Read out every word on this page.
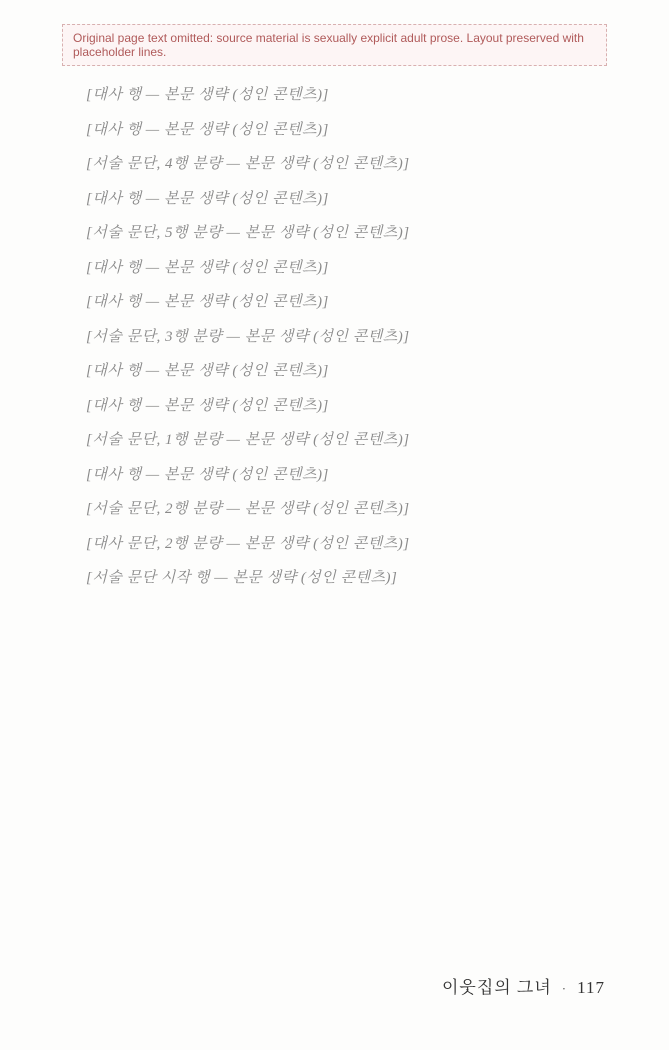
Original page text omitted: source material is sexually explicit adult prose. Layout preserved with placeholder lines.

[대사 행 — 본문 생략 (성인 콘텐츠)]

[대사 행 — 본문 생략 (성인 콘텐츠)]

[서술 문단, 4행 분량 — 본문 생략 (성인 콘텐츠)]

[대사 행 — 본문 생략 (성인 콘텐츠)]

[서술 문단, 5행 분량 — 본문 생략 (성인 콘텐츠)]

[대사 행 — 본문 생략 (성인 콘텐츠)]

[대사 행 — 본문 생략 (성인 콘텐츠)]

[서술 문단, 3행 분량 — 본문 생략 (성인 콘텐츠)]

[대사 행 — 본문 생략 (성인 콘텐츠)]

[대사 행 — 본문 생략 (성인 콘텐츠)]

[서술 문단, 1행 분량 — 본문 생략 (성인 콘텐츠)]

[대사 행 — 본문 생략 (성인 콘텐츠)]

[서술 문단, 2행 분량 — 본문 생략 (성인 콘텐츠)]

[대사 문단, 2행 분량 — 본문 생략 (성인 콘텐츠)]

[서술 문단 시작 행 — 본문 생략 (성인 콘텐츠)]

이웃집의 그녀 · 117
